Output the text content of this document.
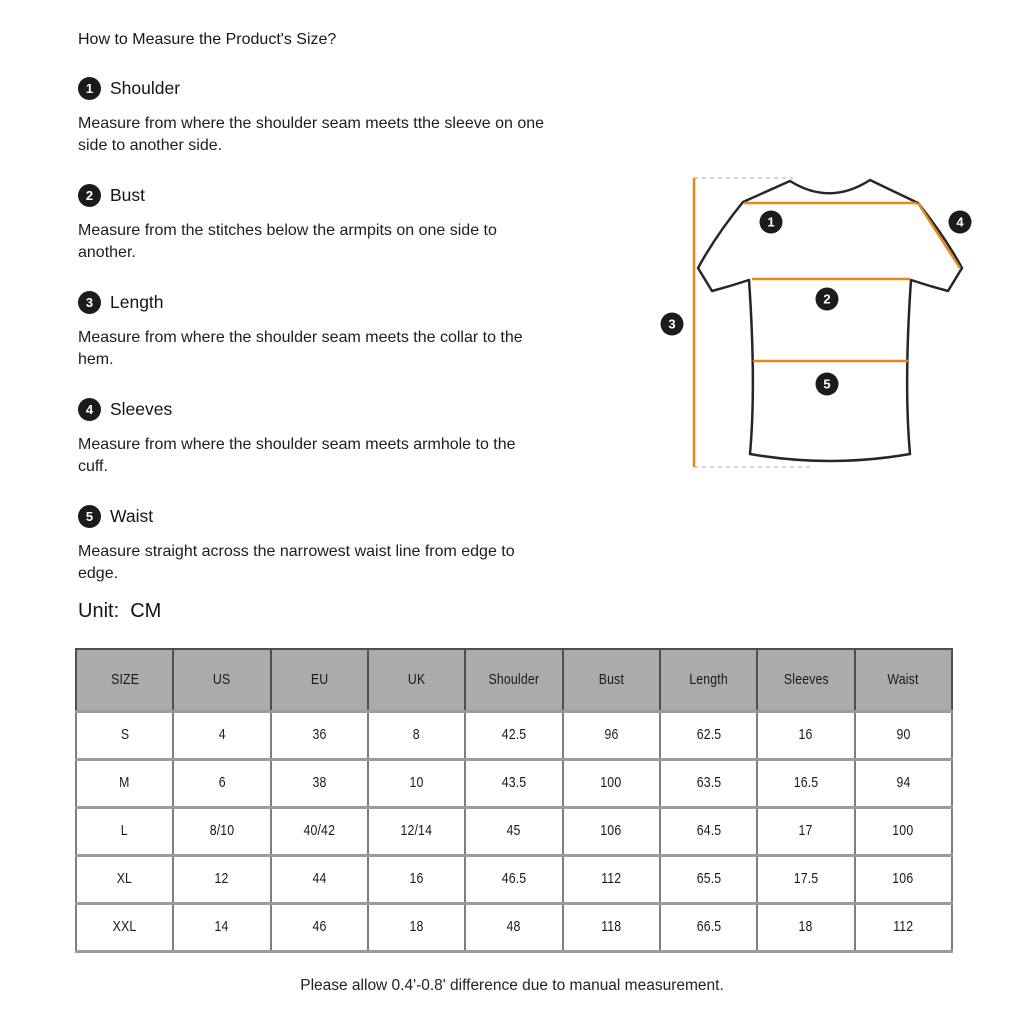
How to Measure the Product's Size?
1 Shoulder

Measure from where the shoulder seam meets tthe sleeve on one
side to another side.

2 Bust

Measure from the stitches below the armpits on one side to
another.

3 Length

Measure from where the shoulder seam meets the collar to the
hem.

4 Sleeves

Measure from where the shoulder seam meets armhole to the
cuff.

5 Waist

Measure straight across the narrowest waist line from edge to
edge.

Unit:  CM
1
2
3
4
5
SIZE	US	EU	UK	Shoulder	Bust	Length	Sleeves	Waist
S	4	36	8	42.5	96	62.5	16	90
M	6	38	10	43.5	100	63.5	16.5	94
L	8/10	40/42	12/14	45	106	64.5	17	100
XL	12	44	16	46.5	112	65.5	17.5	106
XXL	14	46	18	48	118	66.5	18	112
Please allow 0.4'-0.8' difference due to manual measurement.
